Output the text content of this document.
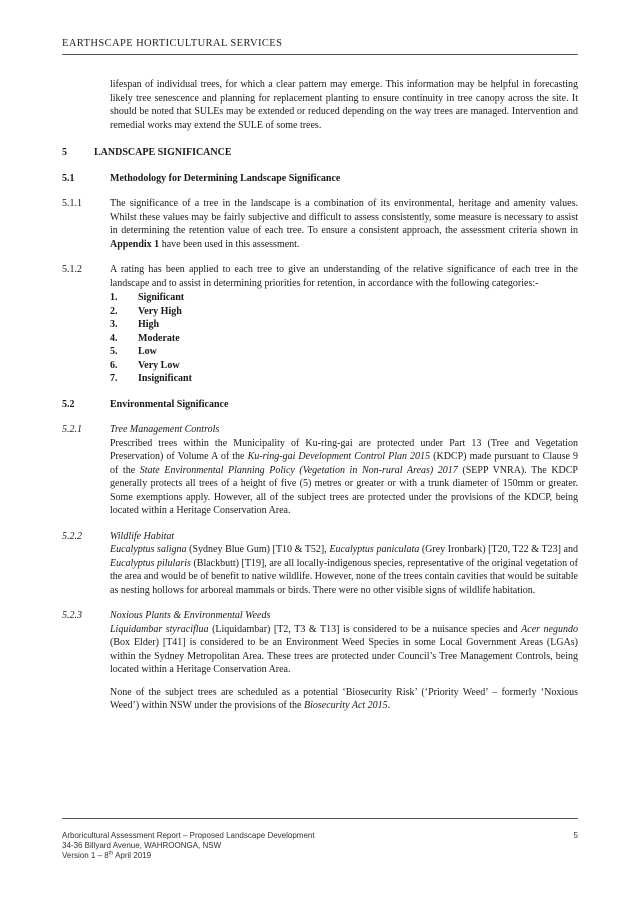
EARTHSCAPE HORTICULTURAL SERVICES

lifespan of individual trees, for which a clear pattern may emerge. This information may be helpful in forecasting likely tree senescence and planning for replacement planting to ensure continuity in tree canopy across the site. It should be noted that SULEs may be extended or reduced depending on the way trees are managed. Intervention and remedial works may extend the SULE of some trees.

5	LANDSCAPE SIGNIFICANCE
5.1	Methodology for Determining Landscape Significance
5.1.1	The significance of a tree in the landscape is a combination of its environmental, heritage and amenity values. Whilst these values may be fairly subjective and difficult to assess consistently, some measure is necessary to assist in determining the retention value of each tree. To ensure a consistent approach, the assessment criteria shown in Appendix 1 have been used in this assessment.

5.1.2	A rating has been applied to each tree to give an understanding of the relative significance of each tree in the landscape and to assist in determining priorities for retention, in accordance with the following categories:-

1.	Significant
2.	Very High
3.	High
4.	Moderate
5.	Low
6.	Very Low
7.	Insignificant
5.2	Environmental Significance
5.2.1	Tree Management Controls

Prescribed trees within the Municipality of Ku-ring-gai are protected under Part 13 (Tree and Vegetation Preservation) of Volume A of the Ku-ring-gai Development Control Plan 2015 (KDCP) made pursuant to Clause 9 of the State Environmental Planning Policy (Vegetation in Non-rural Areas) 2017 (SEPP VNRA). The KDCP generally protects all trees of a height of five (5) metres or greater or with a trunk diameter of 150mm or greater. Some exemptions apply. However, all of the subject trees are protected under the provisions of the KDCP, being located within a Heritage Conservation Area.

5.2.2	Wildlife Habitat

Eucalyptus saligna (Sydney Blue Gum) [T10 & T52], Eucalyptus paniculata (Grey Ironbark) [T20, T22 & T23] and Eucalyptus pilularis (Blackbutt) [T19], are all locally-indigenous species, representative of the original vegetation of the area and would be of benefit to native wildlife. However, none of the trees contain cavities that would be suitable as nesting hollows for arboreal mammals or birds. There were no other visible signs of wildlife habitation.

5.2.3	Noxious Plants & Environmental Weeds

Liquidambar styraciflua (Liquidambar) [T2, T3 & T13] is considered to be a nuisance species and Acer negundo (Box Elder) [T41] is considered to be an Environment Weed Species in some Local Government Areas (LGAs) within the Sydney Metropolitan Area. These trees are protected under Council’s Tree Management Controls, being located within a Heritage Conservation Area.

None of the subject trees are scheduled as a potential ‘Biosecurity Risk’ (‘Priority Weed’ – formerly ‘Noxious Weed’) within NSW under the provisions of the Biosecurity Act 2015.

Arboricultural Assessment Report – Proposed Landscape Development	5
34-36 Billyard Avenue, WAHROONGA, NSW
Version 1 – 8th April 2019
